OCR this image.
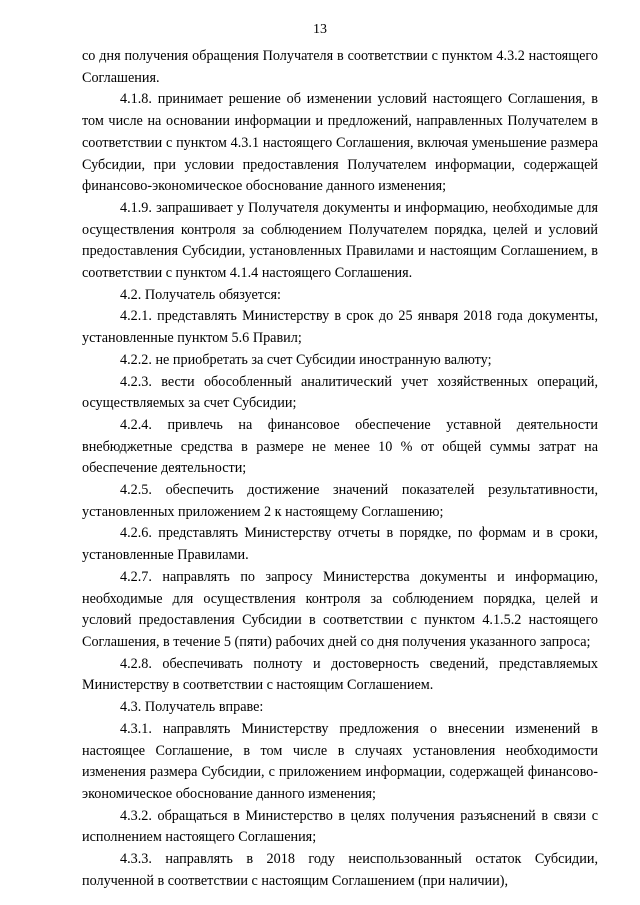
13

со дня получения обращения Получателя в соответствии с пунктом 4.3.2 настоящего Соглашения.

4.1.8. принимает решение об изменении условий настоящего Соглашения, в том числе на основании информации и предложений, направленных Получателем в соответствии с пунктом 4.3.1 настоящего Соглашения, включая уменьшение размера Субсидии, при условии предоставления Получателем информации, содержащей финансово-экономическое обоснование данного изменения;

4.1.9. запрашивает у Получателя документы и информацию, необходимые для осуществления контроля за соблюдением Получателем порядка, целей и условий предоставления Субсидии, установленных Правилами и настоящим Соглашением, в соответствии с пунктом 4.1.4 настоящего Соглашения.

4.2. Получатель обязуется:

4.2.1. представлять Министерству в срок до 25 января 2018 года документы, установленные пунктом 5.6 Правил;

4.2.2. не приобретать за счет Субсидии иностранную валюту;

4.2.3. вести обособленный аналитический учет хозяйственных операций, осуществляемых за счет Субсидии;

4.2.4. привлечь на финансовое обеспечение уставной деятельности внебюджетные средства в размере не менее 10 % от общей суммы затрат на обеспечение деятельности;

4.2.5. обеспечить достижение значений показателей результативности, установленных приложением 2 к настоящему Соглашению;

4.2.6. представлять Министерству отчеты в порядке, по формам и в сроки, установленные Правилами.

4.2.7. направлять по запросу Министерства документы и информацию, необходимые для осуществления контроля за соблюдением порядка, целей и условий предоставления Субсидии в соответствии с пунктом 4.1.5.2 настоящего Соглашения, в течение 5 (пяти) рабочих дней со дня получения указанного запроса;

4.2.8. обеспечивать полноту и достоверность сведений, представляемых Министерству в соответствии с настоящим Соглашением.

4.3. Получатель вправе:

4.3.1. направлять Министерству предложения о внесении изменений в настоящее Соглашение, в том числе в случаях установления необходимости изменения размера Субсидии, с приложением информации, содержащей финансово-экономическое обоснование данного изменения;

4.3.2. обращаться в Министерство в целях получения разъяснений в связи с исполнением настоящего Соглашения;

4.3.3. направлять в 2018 году неиспользованный остаток Субсидии, полученной в соответствии с настоящим Соглашением (при наличии),
